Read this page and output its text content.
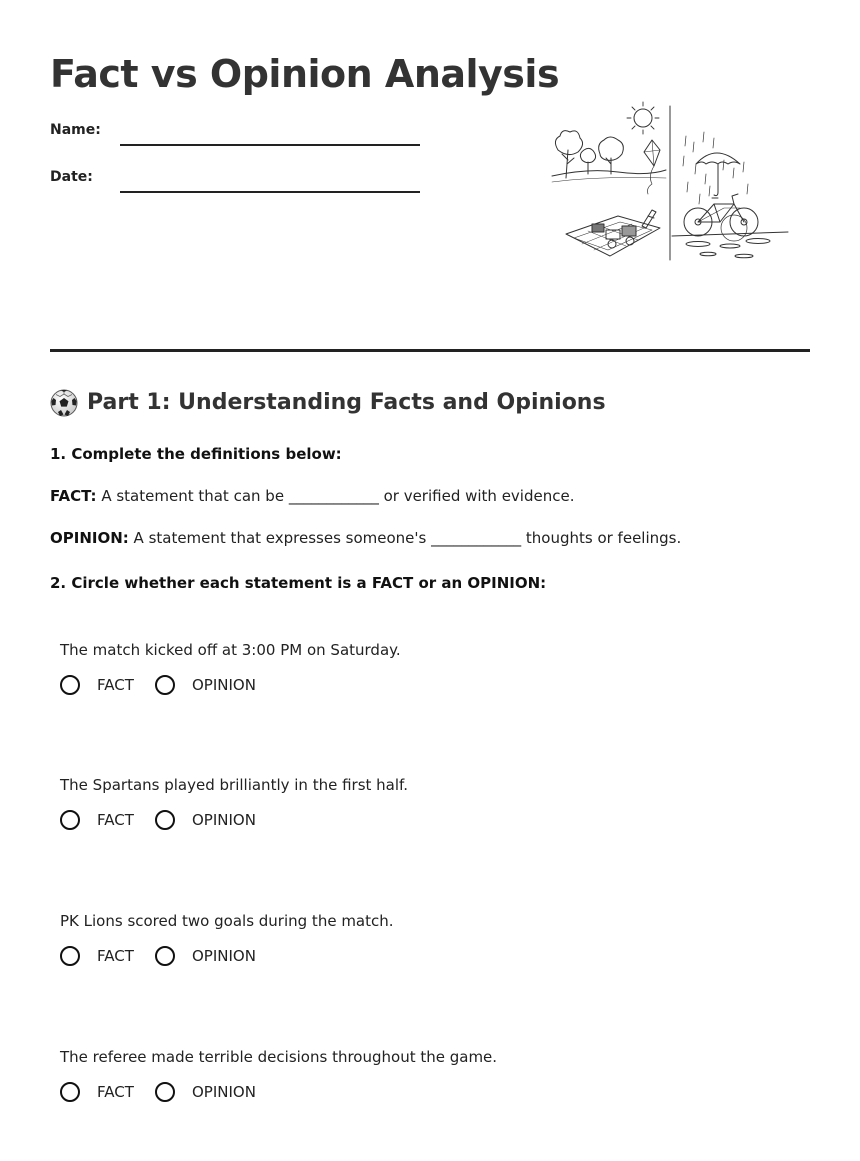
Fact vs Opinion Analysis
Name:
Date:
Part 1: Understanding Facts and Opinions
1. Complete the definitions below:
FACT: A statement that can be ____________ or verified with evidence.
OPINION: A statement that expresses someone's ____________ thoughts or feelings.
2. Circle whether each statement is a FACT or an OPINION:
The match kicked off at 3:00 PM on Saturday.
FACT	OPINION
The Spartans played brilliantly in the first half.
FACT	OPINION
PK Lions scored two goals during the match.
FACT	OPINION
The referee made terrible decisions throughout the game.
FACT	OPINION
